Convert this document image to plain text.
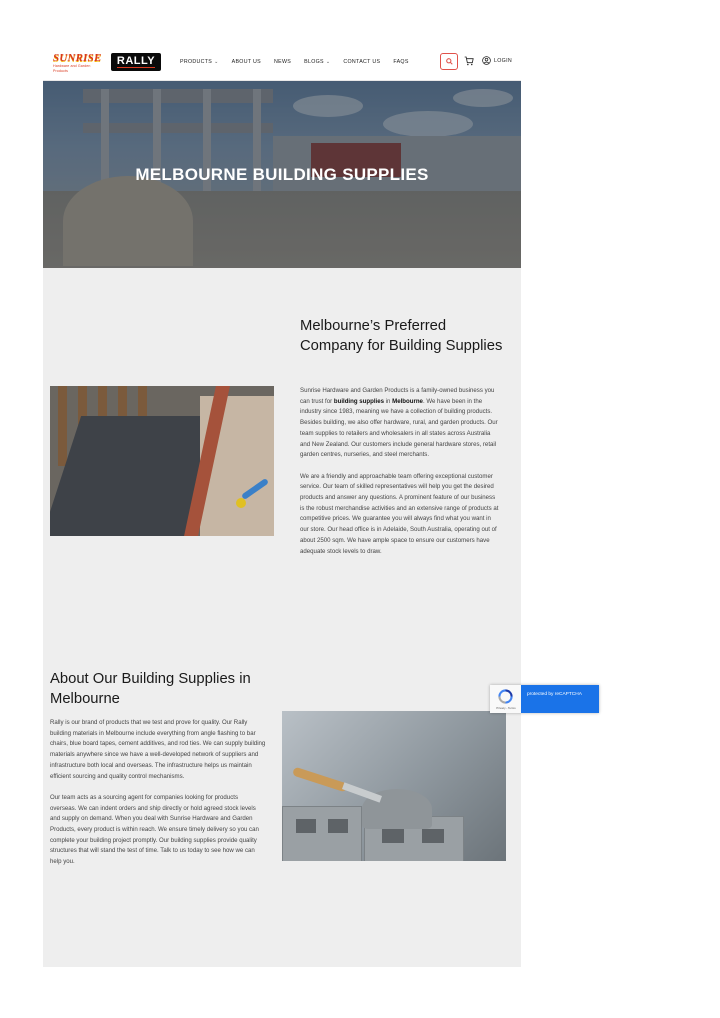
SUNRISE
Hardware and Garden Products
RALLY	PRODUCTS ⌄ ABOUT US NEWS BLOGS ⌄ CONTACT US FAQS	LOGIN
MELBOURNE BUILDING SUPPLIES
Melbourne’s Preferred Company for Building Supplies

Sunrise Hardware and Garden Products is a family-owned business you can trust for building supplies in Melbourne. We have been in the industry since 1983, meaning we have a collection of building products. Besides building, we also offer hardware, rural, and garden products. Our team supplies to retailers and wholesalers in all states across Australia and New Zealand. Our customers include general hardware stores, retail garden centres, nurseries, and steel merchants.

We are a friendly and approachable team offering exceptional customer service. Our team of skilled representatives will help you get the desired products and answer any questions. A prominent feature of our business is the robust merchandise activities and an extensive range of products at competitive prices. We guarantee you will always find what you want in our store. Our head office is in Adelaide, South Australia, operating out of about 2500 sqm. We have ample space to ensure our customers have adequate stock levels to draw.

About Our Building Supplies in Melbourne

Rally is our brand of products that we test and prove for quality. Our Rally building materials in Melbourne include everything from angle flashing to bar chairs, blue board tapes, cement additives, and rod ties. We can supply building materials anywhere since we have a well-developed network of suppliers and infrastructure both local and overseas. The infrastructure helps us maintain efficient sourcing and quality control mechanisms.

Our team acts as a sourcing agent for companies looking for products overseas. We can indent orders and ship directly or hold agreed stock levels and supply on demand. When you deal with Sunrise Hardware and Garden Products, every product is within reach. We ensure timely delivery so you can complete your building project promptly. Our building supplies provide quality structures that will stand the test of time. Talk to us today to see how we can help you.

Privacy - Terms
protected by reCAPTCHA
